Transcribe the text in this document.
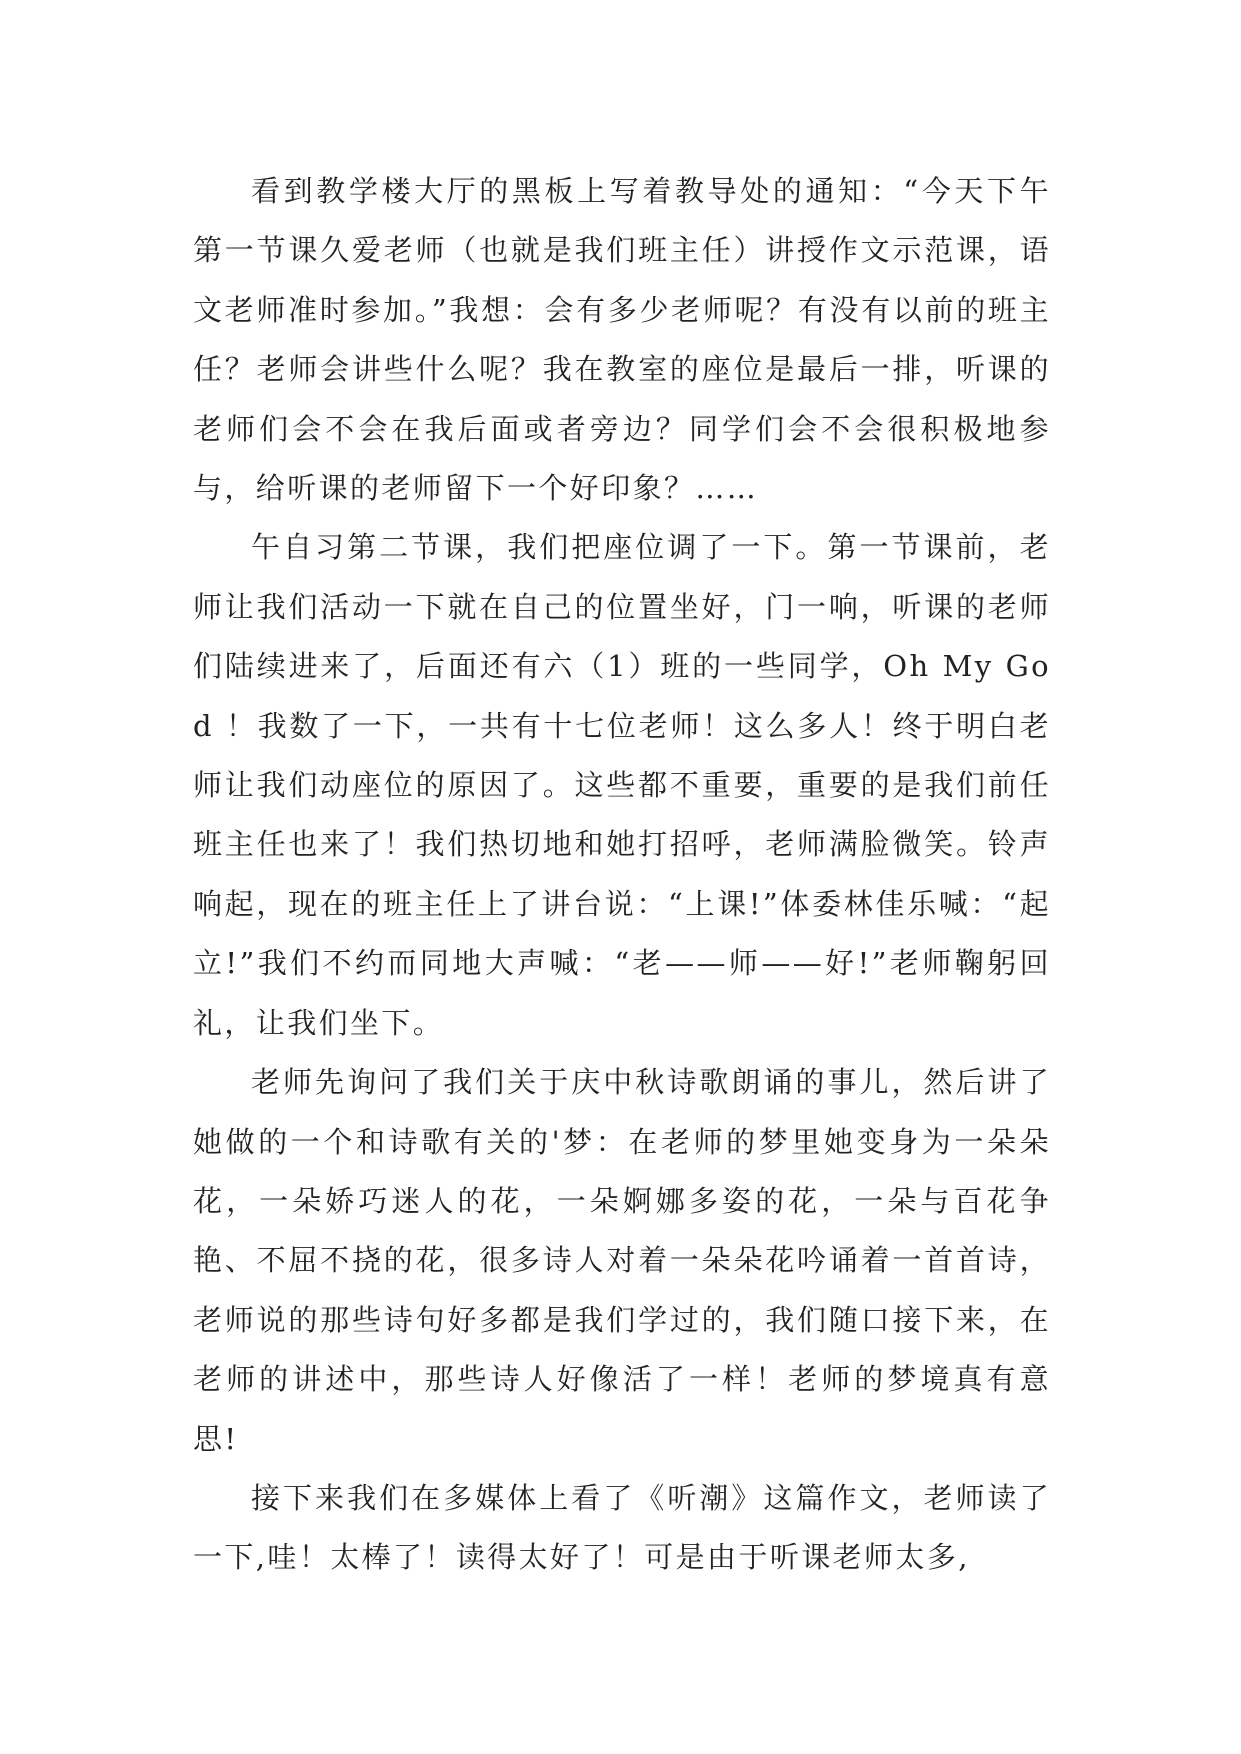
看到教学楼大厅的黑板上写着教导处的通知：“今天下午第一节课久爱老师（也就是我们班主任）讲授作文示范课，语文老师准时参加。”我想：会有多少老师呢？有没有以前的班主任？老师会讲些什么呢？我在教室的座位是最后一排，听课的老师们会不会在我后面或者旁边？同学们会不会很积极地参与，给听课的老师留下一个好印象？……

午自习第二节课，我们把座位调了一下。第一节课前，老师让我们活动一下就在自己的位置坐好，门一响，听课的老师们陆续进来了，后面还有六（1）班的一些同学，Oh My God ！我数了一下，一共有十七位老师！这么多人！终于明白老师让我们动座位的原因了。这些都不重要，重要的是我们前任班主任也来了！我们热切地和她打招呼，老师满脸微笑。铃声响起，现在的班主任上了讲台说：“上课!”体委林佳乐喊：“起立!”我们不约而同地大声喊：“老——师——好!”老师鞠躬回礼，让我们坐下。

老师先询问了我们关于庆中秋诗歌朗诵的事儿，然后讲了她做的一个和诗歌有关的'梦：在老师的梦里她变身为一朵朵花，一朵娇巧迷人的花，一朵婀娜多姿的花，一朵与百花争艳、不屈不挠的花，很多诗人对着一朵朵花吟诵着一首首诗，老师说的那些诗句好多都是我们学过的，我们随口接下来，在老师的讲述中，那些诗人好像活了一样！老师的梦境真有意思!

接下来我们在多媒体上看了《听潮》这篇作文，老师读了一下,哇！太棒了！读得太好了！可是由于听课老师太多,
